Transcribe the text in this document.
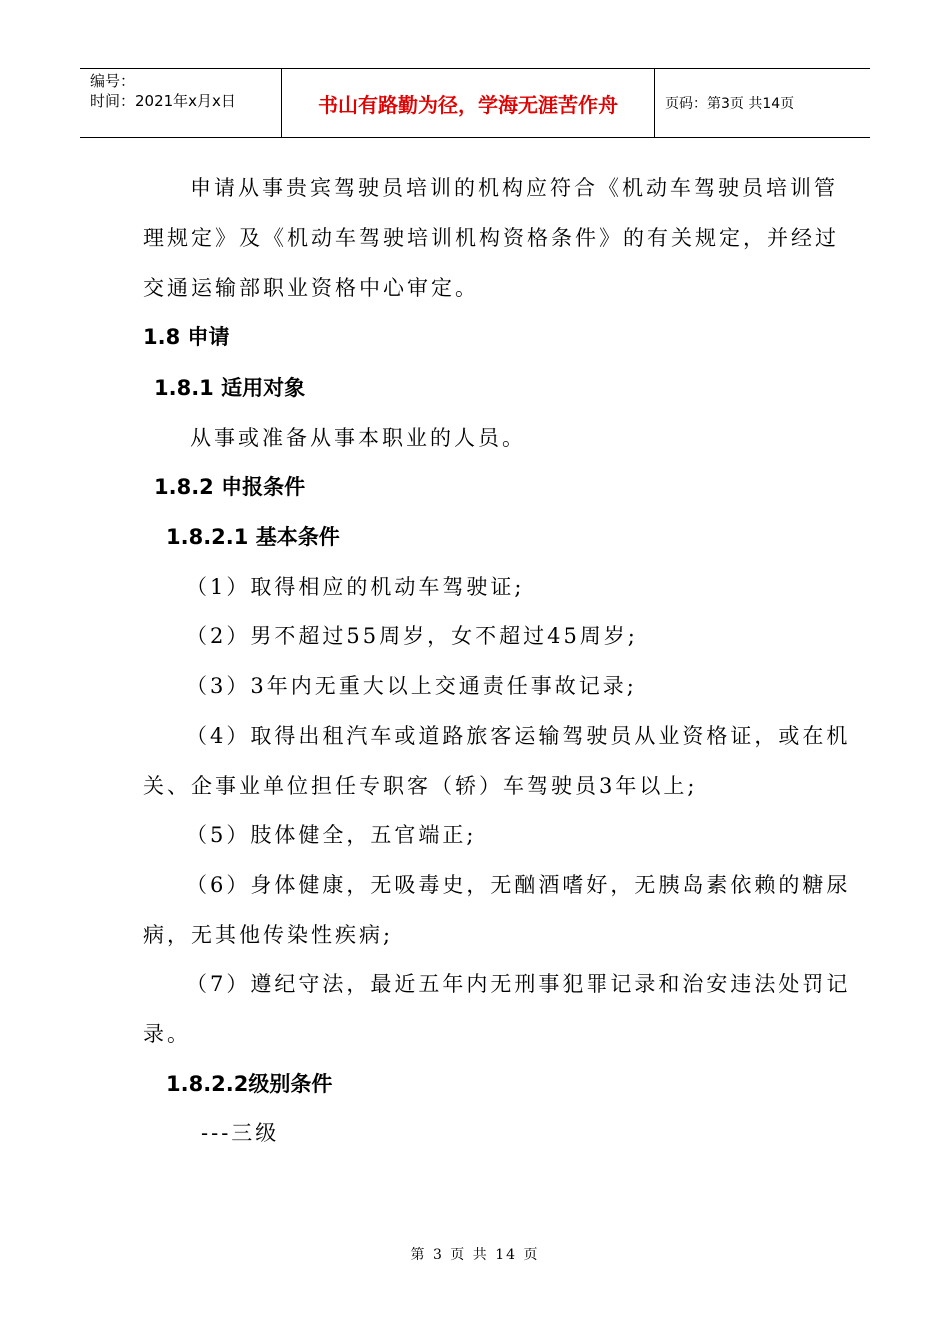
编号：
时间：2021年x月x日	书山有路勤为径，学海无涯苦作舟	页码：第3页 共14页
申请从事贵宾驾驶员培训的机构应符合《机动车驾驶员培训管
理规定》及《机动车驾驶培训机构资格条件》的有关规定，并经过
交通运输部职业资格中心审定。
1.8 申请
1.8.1 适用对象
从事或准备从事本职业的人员。
1.8.2 申报条件
1.8.2.1 基本条件
（1）取得相应的机动车驾驶证;
（2）男不超过55周岁，女不超过45周岁;
（3）3年内无重大以上交通责任事故记录;
（4）取得出租汽车或道路旅客运输驾驶员从业资格证，或在机
关、企事业单位担任专职客（轿）车驾驶员3年以上;
（5）肢体健全，五官端正;
（6）身体健康，无吸毒史，无酗酒嗜好，无胰岛素依赖的糖尿
病，无其他传染性疾病;
（7）遵纪守法，最近五年内无刑事犯罪记录和治安违法处罚记
录。
1.8.2.2级别条件
---三级
第 3 页 共 14 页
